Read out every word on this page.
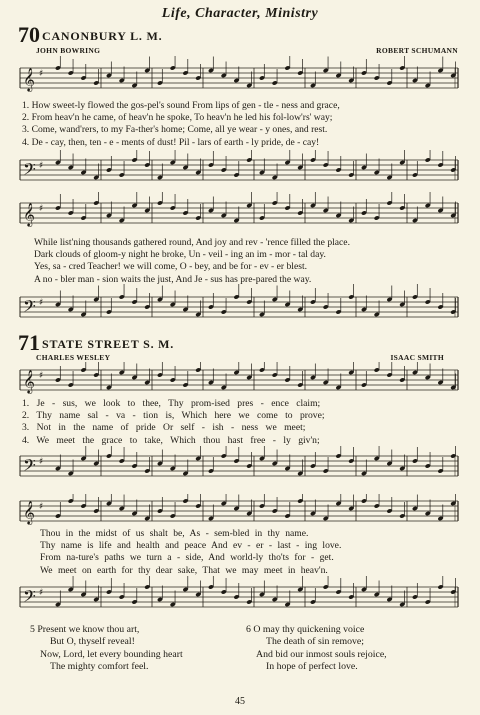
Life, Character, Ministry
70 CANONBURY L. M.
JOHN BOWRING	ROBERT SCHUMANN
𝄞 ♯
1. How sweet-ly flowed the gos-pel's sound From lips of gen - tle - ness and grace,
2. From heav'n he came, of heav'n he spoke, To heav'n he led his fol-low'rs' way;
3. Come, wand'rers, to my Fa-ther's home; Come, all ye wear - y ones, and rest.
4. De - cay, then, ten - e - ments of dust! Pil - lars of earth - ly pride, de - cay!
𝄢 ♯
𝄞 ♯
While list'ning thousands gathered round, And joy and rev - 'rence filled the place.
Dark clouds of gloom-y night he broke, Un - veil - ing an im - mor - tal day.
Yes, sa - cred Teacher! we will come, O - bey, and be for - ev - er blest.
A no - bler man - sion waits the just, And Je - sus has pre-pared the way.
𝄢 ♯
71 STATE STREET S. M.
CHARLES WESLEY	ISAAC SMITH
𝄞 ♯
1. Je - sus, we look to thee, Thy prom-ised pres - ence claim;
2. Thy name sal - va - tion is, Which here we come to prove;
3. Not in the name of pride Or self - ish - ness we meet;
4. We meet the grace to take, Which thou hast free - ly giv'n;
𝄢 ♯
𝄞 ♯
Thou in the midst of us shalt be, As - sem-bled in thy name.
Thy name is life and health and peace And ev - er - last - ing love.
From na-ture's paths we turn a - side, And world-ly tho'ts for - get.
We meet on earth for thy dear sake, That we may meet in heav'n.
𝄢 ♯
5 Present we know thou art,
But O, thyself reveal!
Now, Lord, let every bounding heart
The mighty comfort feel.
6 O may thy quickening voice
The death of sin remove;
And bid our inmost souls rejoice,
In hope of perfect love.
45
